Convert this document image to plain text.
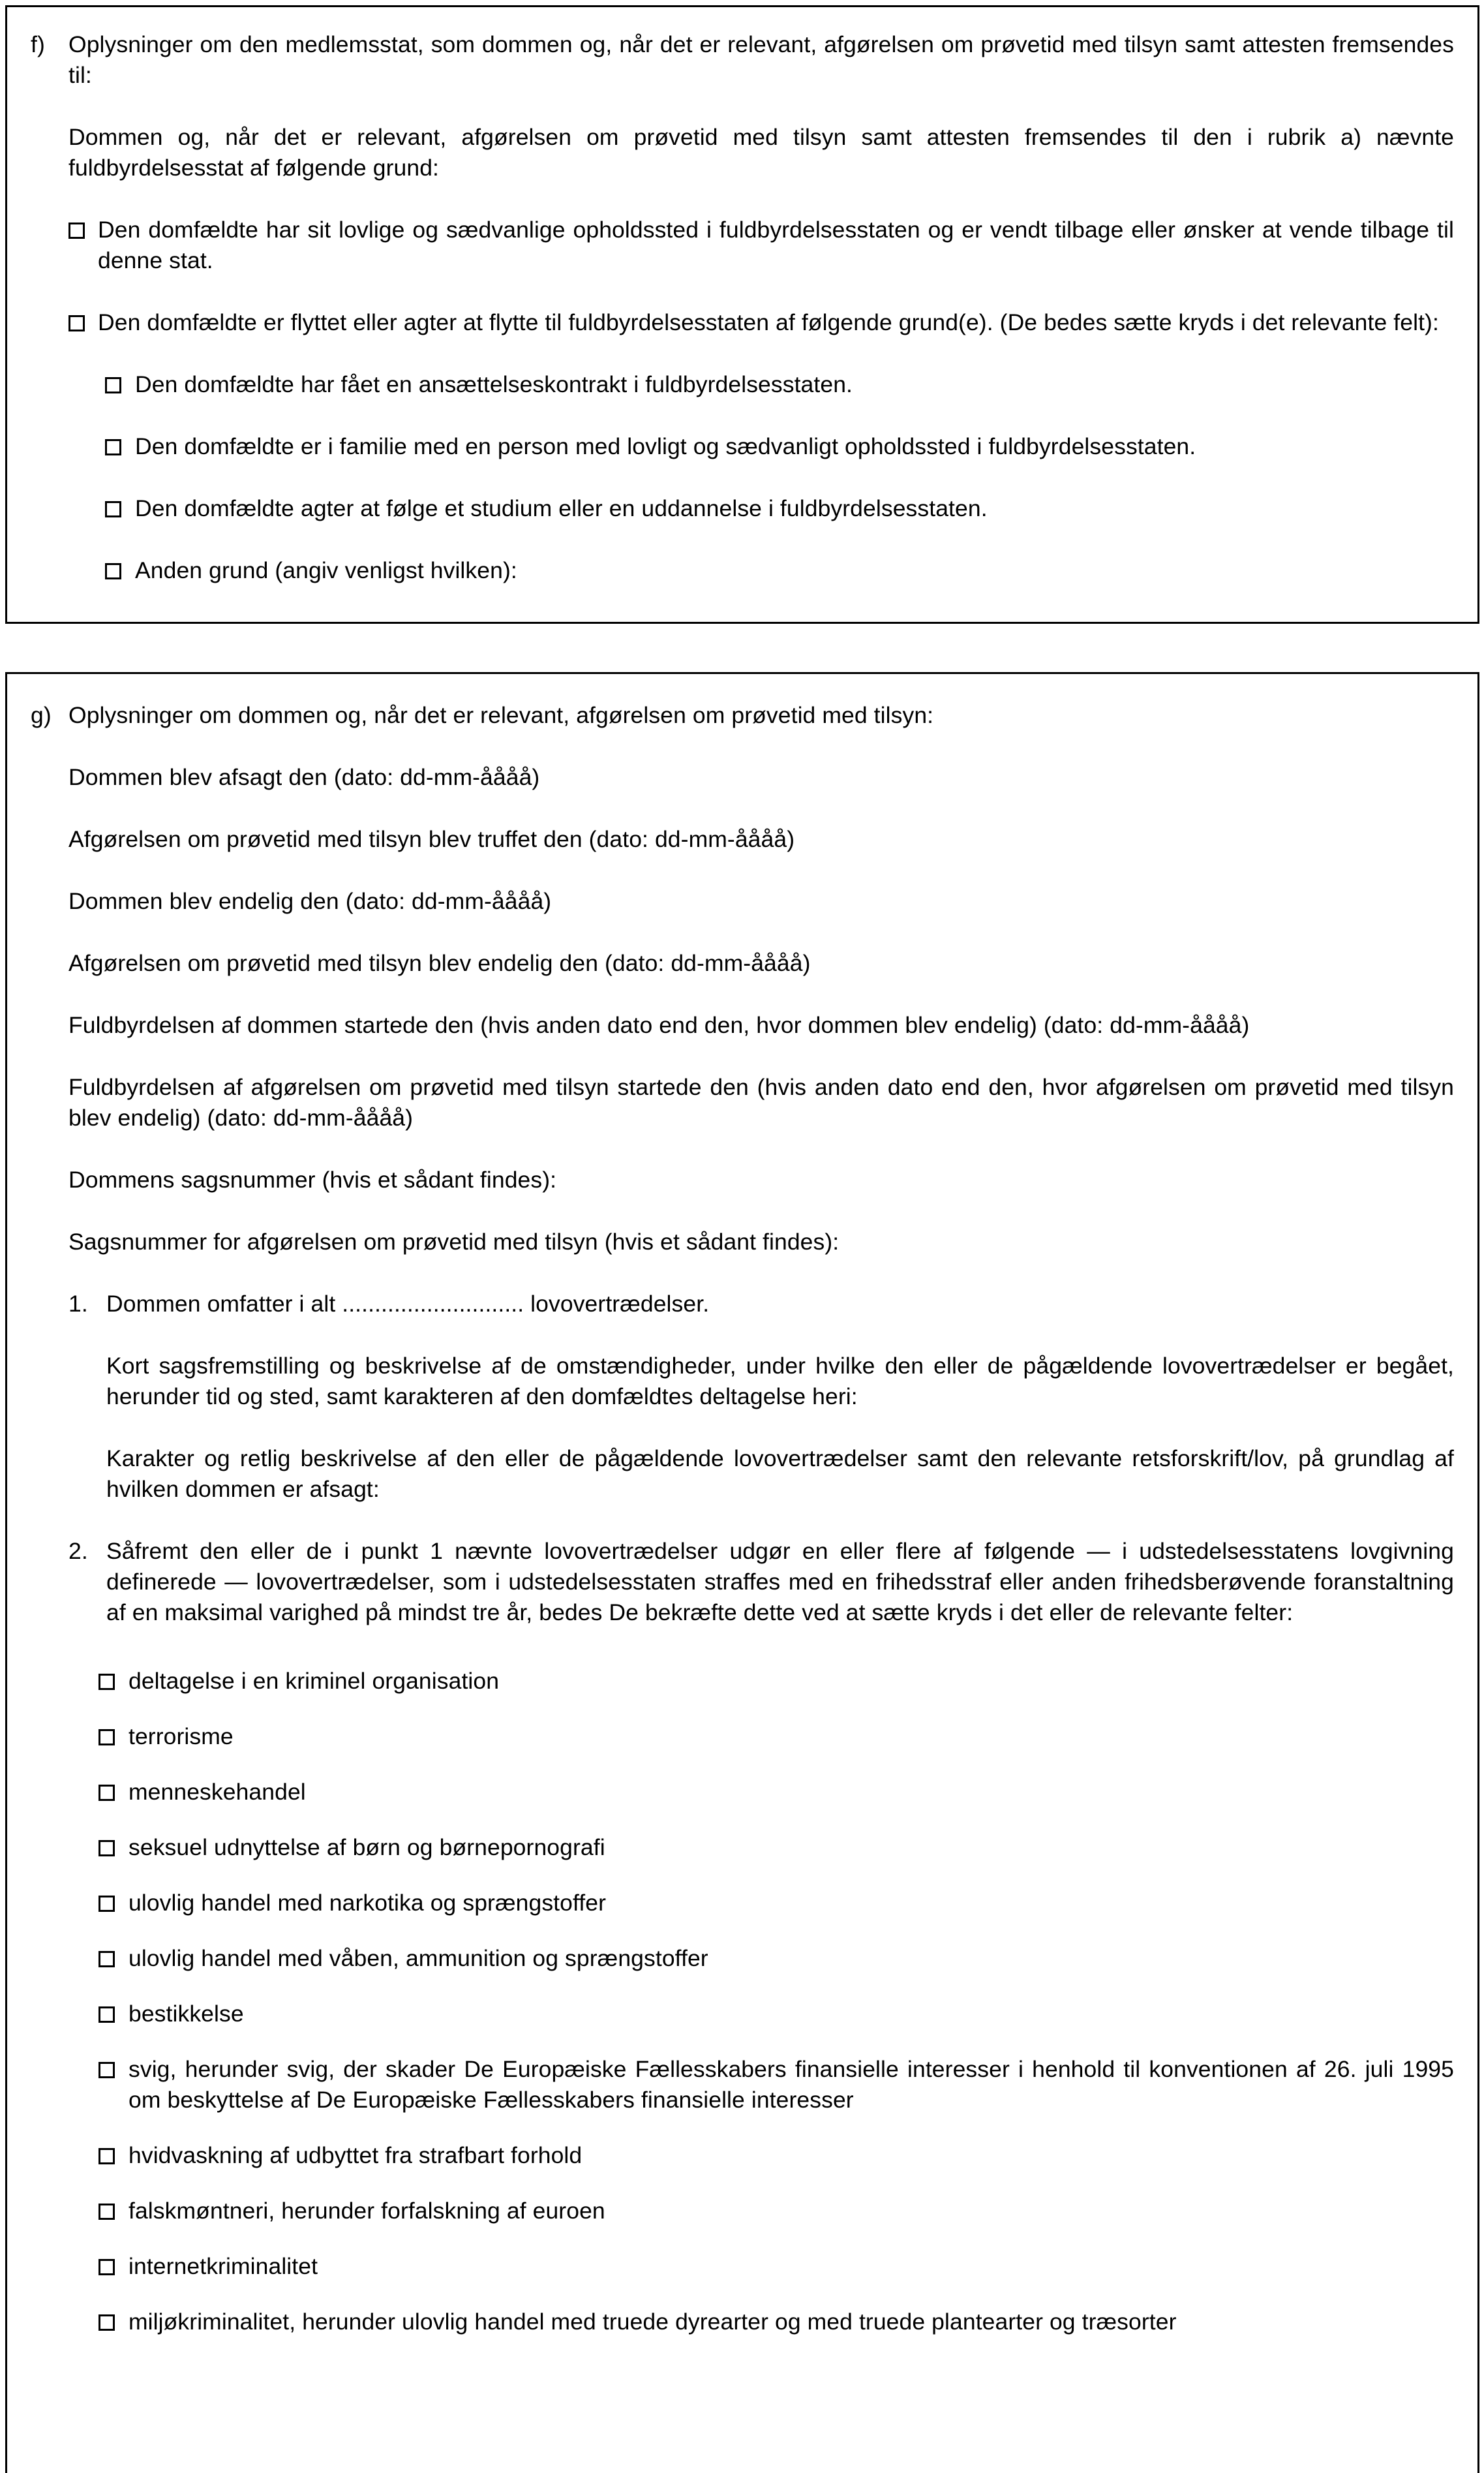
f)	Oplysninger om den medlemsstat, som dommen og, når det er relevant, afgørelsen om prøvetid med tilsyn samt attesten fremsendes til:
Dommen og, når det er relevant, afgørelsen om prøvetid med tilsyn samt attesten fremsendes til den i rubrik a) nævnte fuldbyrdelsesstat af følgende grund:
Den domfældte har sit lovlige og sædvanlige opholdssted i fuldbyrdelsesstaten og er vendt tilbage eller ønsker at vende tilbage til denne stat.
Den domfældte er flyttet eller agter at flytte til fuldbyrdelsesstaten af følgende grund(e). (De bedes sætte kryds i det relevante felt):
Den domfældte har fået en ansættelseskontrakt i fuldbyrdelsesstaten.
Den domfældte er i familie med en person med lovligt og sædvanligt opholdssted i fuldbyrdelsesstaten.
Den domfældte agter at følge et studium eller en uddannelse i fuldbyrdelsesstaten.
Anden grund (angiv venligst hvilken):
g) Oplysninger om dommen og, når det er relevant, afgørelsen om prøvetid med tilsyn:
Dommen blev afsagt den (dato: dd-mm-åååå)
Afgørelsen om prøvetid med tilsyn blev truffet den (dato: dd-mm-åååå)
Dommen blev endelig den (dato: dd-mm-åååå)
Afgørelsen om prøvetid med tilsyn blev endelig den (dato: dd-mm-åååå)
Fuldbyrdelsen af dommen startede den (hvis anden dato end den, hvor dommen blev endelig) (dato: dd-mm-åååå)
Fuldbyrdelsen af afgørelsen om prøvetid med tilsyn startede den (hvis anden dato end den, hvor afgørelsen om prøvetid med tilsyn blev endelig) (dato: dd-mm-åååå)
Dommens sagsnummer (hvis et sådant findes):
Sagsnummer for afgørelsen om prøvetid med tilsyn (hvis et sådant findes):
1. Dommen omfatter i alt ............................ lovovertrædelser.
Kort sagsfremstilling og beskrivelse af de omstændigheder, under hvilke den eller de pågældende lovovertrædelser er begået, herunder tid og sted, samt karakteren af den domfældtes deltagelse heri:
Karakter og retlig beskrivelse af den eller de pågældende lovovertrædelser samt den relevante retsforskrift/lov, på grundlag af hvilken dommen er afsagt:
2. Såfremt den eller de i punkt 1 nævnte lovovertrædelser udgør en eller flere af følgende — i udstedelsesstatens lovgivning definerede — lovovertrædelser, som i udstedelsesstaten straffes med en frihedsstraf eller anden frihedsberøvende foranstaltning af en maksimal varighed på mindst tre år, bedes De bekræfte dette ved at sætte kryds i det eller de relevante felter:
deltagelse i en kriminel organisation
terrorisme
menneskehandel
seksuel udnyttelse af børn og børnepornografi
ulovlig handel med narkotika og sprængstoffer
ulovlig handel med våben, ammunition og sprængstoffer
bestikkelse
svig, herunder svig, der skader De Europæiske Fællesskabers finansielle interesser i henhold til konventionen af 26. juli 1995 om beskyttelse af De Europæiske Fællesskabers finansielle interesser
hvidvaskning af udbyttet fra strafbart forhold
falskmøntneri, herunder forfalskning af euroen
internetkriminalitet
miljøkriminalitet, herunder ulovlig handel med truede dyrearter og med truede plantearter og træsorter
